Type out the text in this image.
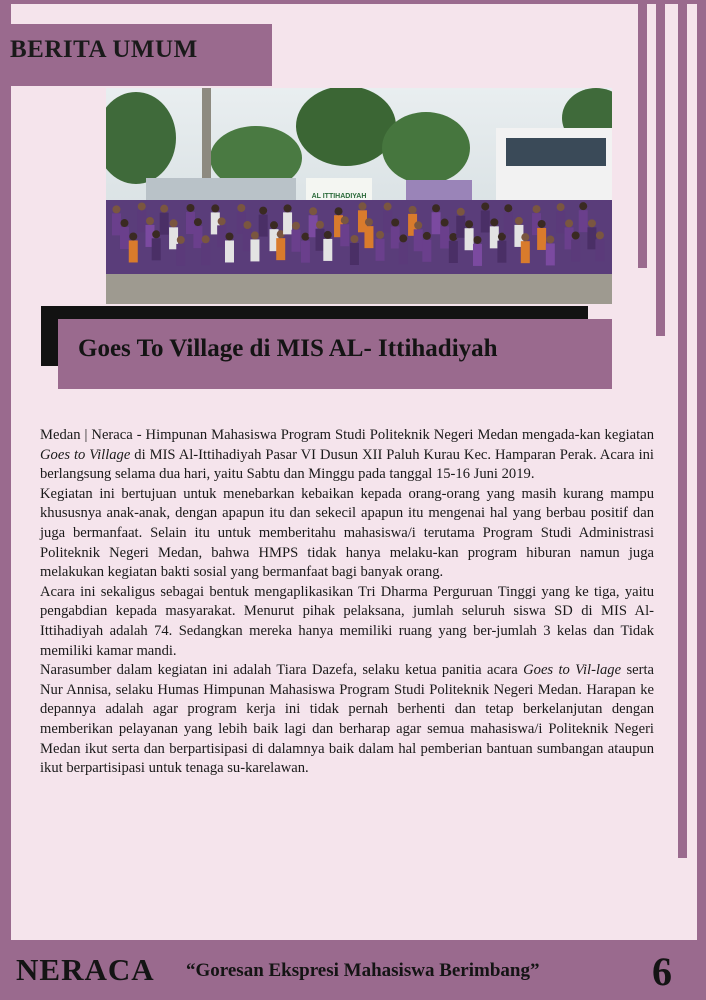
BERITA UMUM
AL ITTIHADIYAH
Goes To Village di MIS AL- Ittihadiyah

Medan | Neraca - Himpunan Mahasiswa Program Studi Politeknik Negeri Medan mengada-kan kegiatan Goes to Village di MIS Al-Ittihadiyah Pasar VI Dusun XII Paluh Kurau Kec. Hamparan Perak. Acara ini berlangsung selama dua hari, yaitu Sabtu dan Minggu pada tanggal 15-16 Juni 2019.

Kegiatan ini bertujuan untuk menebarkan kebaikan kepada orang-orang yang masih kurang mampu khususnya anak-anak, dengan apapun itu dan sekecil apapun itu mengenai hal yang berbau positif dan juga bermanfaat. Selain itu untuk memberitahu mahasiswa/i terutama Program Studi Administrasi Politeknik Negeri Medan, bahwa HMPS tidak hanya melaku-kan program hiburan namun juga melakukan kegiatan bakti sosial yang bermanfaat bagi banyak orang.

Acara ini sekaligus sebagai bentuk mengaplikasikan Tri Dharma Perguruan Tinggi yang ke tiga, yaitu pengabdian kepada masyarakat. Menurut pihak pelaksana, jumlah seluruh siswa SD di MIS Al-Ittihadiyah adalah 74. Sedangkan mereka hanya memiliki ruang yang ber-jumlah 3 kelas dan Tidak memiliki kamar mandi.

Narasumber dalam kegiatan ini adalah Tiara Dazefa, selaku ketua panitia acara Goes to Vil-lage serta Nur Annisa, selaku Humas Himpunan Mahasiswa Program Studi Politeknik Negeri Medan. Harapan ke depannya adalah agar program kerja ini tidak pernah berhenti dan tetap berkelanjutan dengan memberikan pelayanan yang lebih baik lagi dan berharap agar semua mahasiswa/i Politeknik Negeri Medan ikut serta dan berpartisipasi di dalamnya baik dalam hal pemberian bantuan sumbangan ataupun ikut berpartisipasi untuk tenaga su-karelawan.

NERACA “Goresan Ekspresi Mahasiswa Berimbang”	6
